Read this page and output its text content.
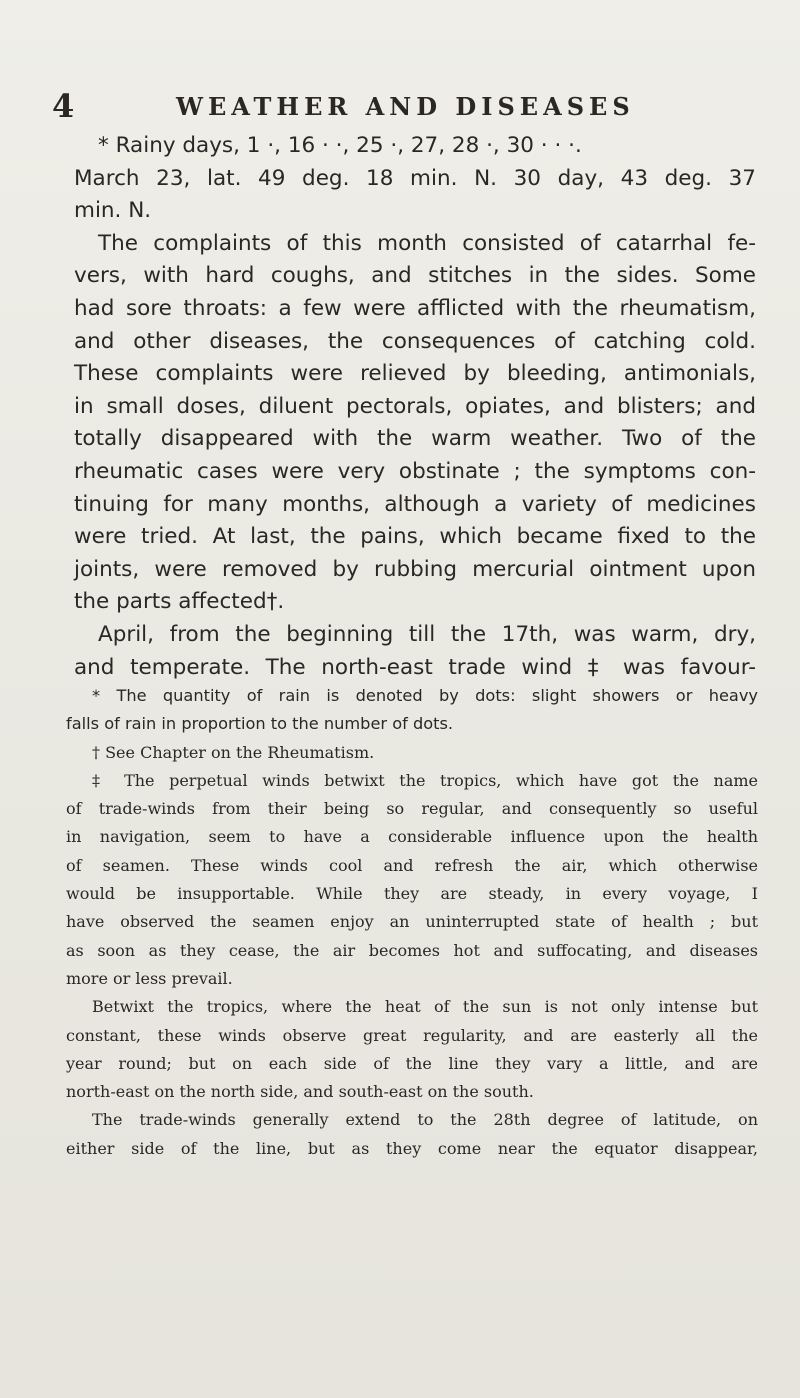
4	WEATHER AND DISEASES
* Rainy days, 1 ·, 16 · ·, 25 ·, 27, 28 ·, 30 · · ·.
March 23, lat. 49 deg. 18 min. N. 30 day, 43 deg. 37
min. N.
The complaints of this month consisted of catarrhal fe-
vers, with hard coughs, and stitches in the sides. Some
had sore throats: a few were afflicted with the rheumatism,
and other diseases, the consequences of catching cold.
These complaints were relieved by bleeding, antimonials,
in small doses, diluent pectorals, opiates, and blisters; and
totally disappeared with the warm weather. Two of the
rheumatic cases were very obstinate ; the symptoms con-
tinuing for many months, although a variety of medicines
were tried. At last, the pains, which became fixed to the
joints, were removed by rubbing mercurial ointment upon
the parts affected†.
April, from the beginning till the 17th, was warm, dry,
and temperate. The north-east trade wind ‡ was favour-
* The quantity of rain is denoted by dots: slight showers or heavy
falls of rain in proportion to the number of dots.
† See Chapter on the Rheumatism.
‡ The perpetual winds betwixt the tropics, which have got the name
of trade-winds from their being so regular, and consequently so useful
in navigation, seem to have a considerable influence upon the health
of seamen. These winds cool and refresh the air, which otherwise
would be insupportable. While they are steady, in every voyage, I
have observed the seamen enjoy an uninterrupted state of health ; but
as soon as they cease, the air becomes hot and suffocating, and diseases
more or less prevail.
Betwixt the tropics, where the heat of the sun is not only intense but
constant, these winds observe great regularity, and are easterly all the
year round; but on each side of the line they vary a little, and are
north-east on the north side, and south-east on the south.
The trade-winds generally extend to the 28th degree of latitude, on
either side of the line, but as they come near the equator disappear,
